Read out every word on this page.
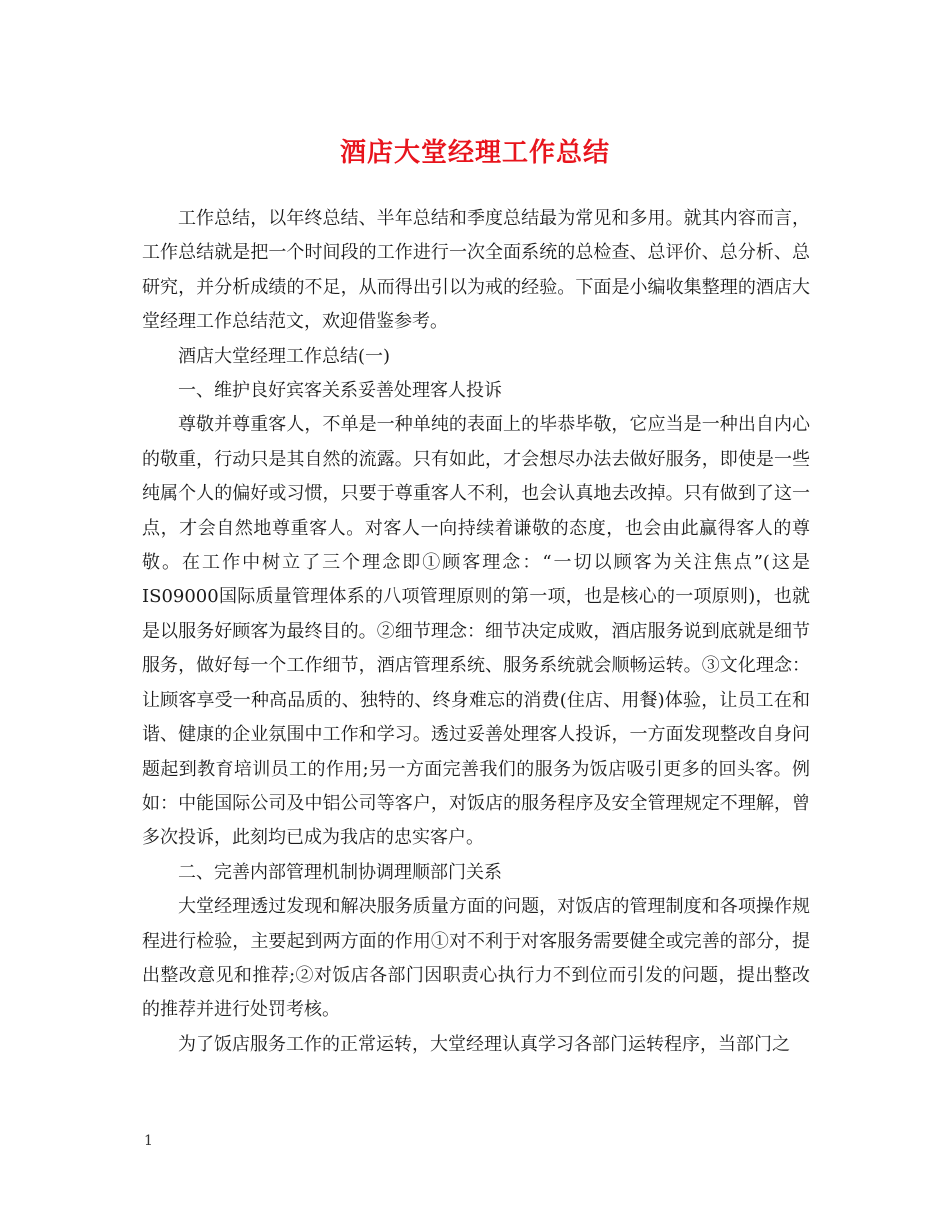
酒店大堂经理工作总结

工作总结，以年终总结、半年总结和季度总结最为常见和多用。就其内容而言，工作总结就是把一个时间段的工作进行一次全面系统的总检查、总评价、总分析、总研究，并分析成绩的不足，从而得出引以为戒的经验。下面是小编收集整理的酒店大堂经理工作总结范文，欢迎借鉴参考。

酒店大堂经理工作总结(一)

一、维护良好宾客关系妥善处理客人投诉

尊敬并尊重客人，不单是一种单纯的表面上的毕恭毕敬，它应当是一种出自内心的敬重，行动只是其自然的流露。只有如此，才会想尽办法去做好服务，即使是一些纯属个人的偏好或习惯，只要于尊重客人不利，也会认真地去改掉。只有做到了这一点，才会自然地尊重客人。对客人一向持续着谦敬的态度，也会由此赢得客人的尊敬。在工作中树立了三个理念即①顾客理念：“一切以顾客为关注焦点”(这是IS09000国际质量管理体系的八项管理原则的第一项，也是核心的一项原则)，也就是以服务好顾客为最终目的。②细节理念：细节决定成败，酒店服务说到底就是细节服务，做好每一个工作细节，酒店管理系统、服务系统就会顺畅运转。③文化理念：让顾客享受一种高品质的、独特的、终身难忘的消费(住店、用餐)体验，让员工在和谐、健康的企业氛围中工作和学习。透过妥善处理客人投诉，一方面发现整改自身问题起到教育培训员工的作用;另一方面完善我们的服务为饭店吸引更多的回头客。例如：中能国际公司及中铝公司等客户，对饭店的服务程序及安全管理规定不理解，曾多次投诉，此刻均已成为我店的忠实客户。

二、完善内部管理机制协调理顺部门关系

大堂经理透过发现和解决服务质量方面的问题，对饭店的管理制度和各项操作规程进行检验，主要起到两方面的作用①对不利于对客服务需要健全或完善的部分，提出整改意见和推荐;②对饭店各部门因职责心执行力不到位而引发的问题，提出整改的推荐并进行处罚考核。

为了饭店服务工作的正常运转，大堂经理认真学习各部门运转程序，当部门之

1
